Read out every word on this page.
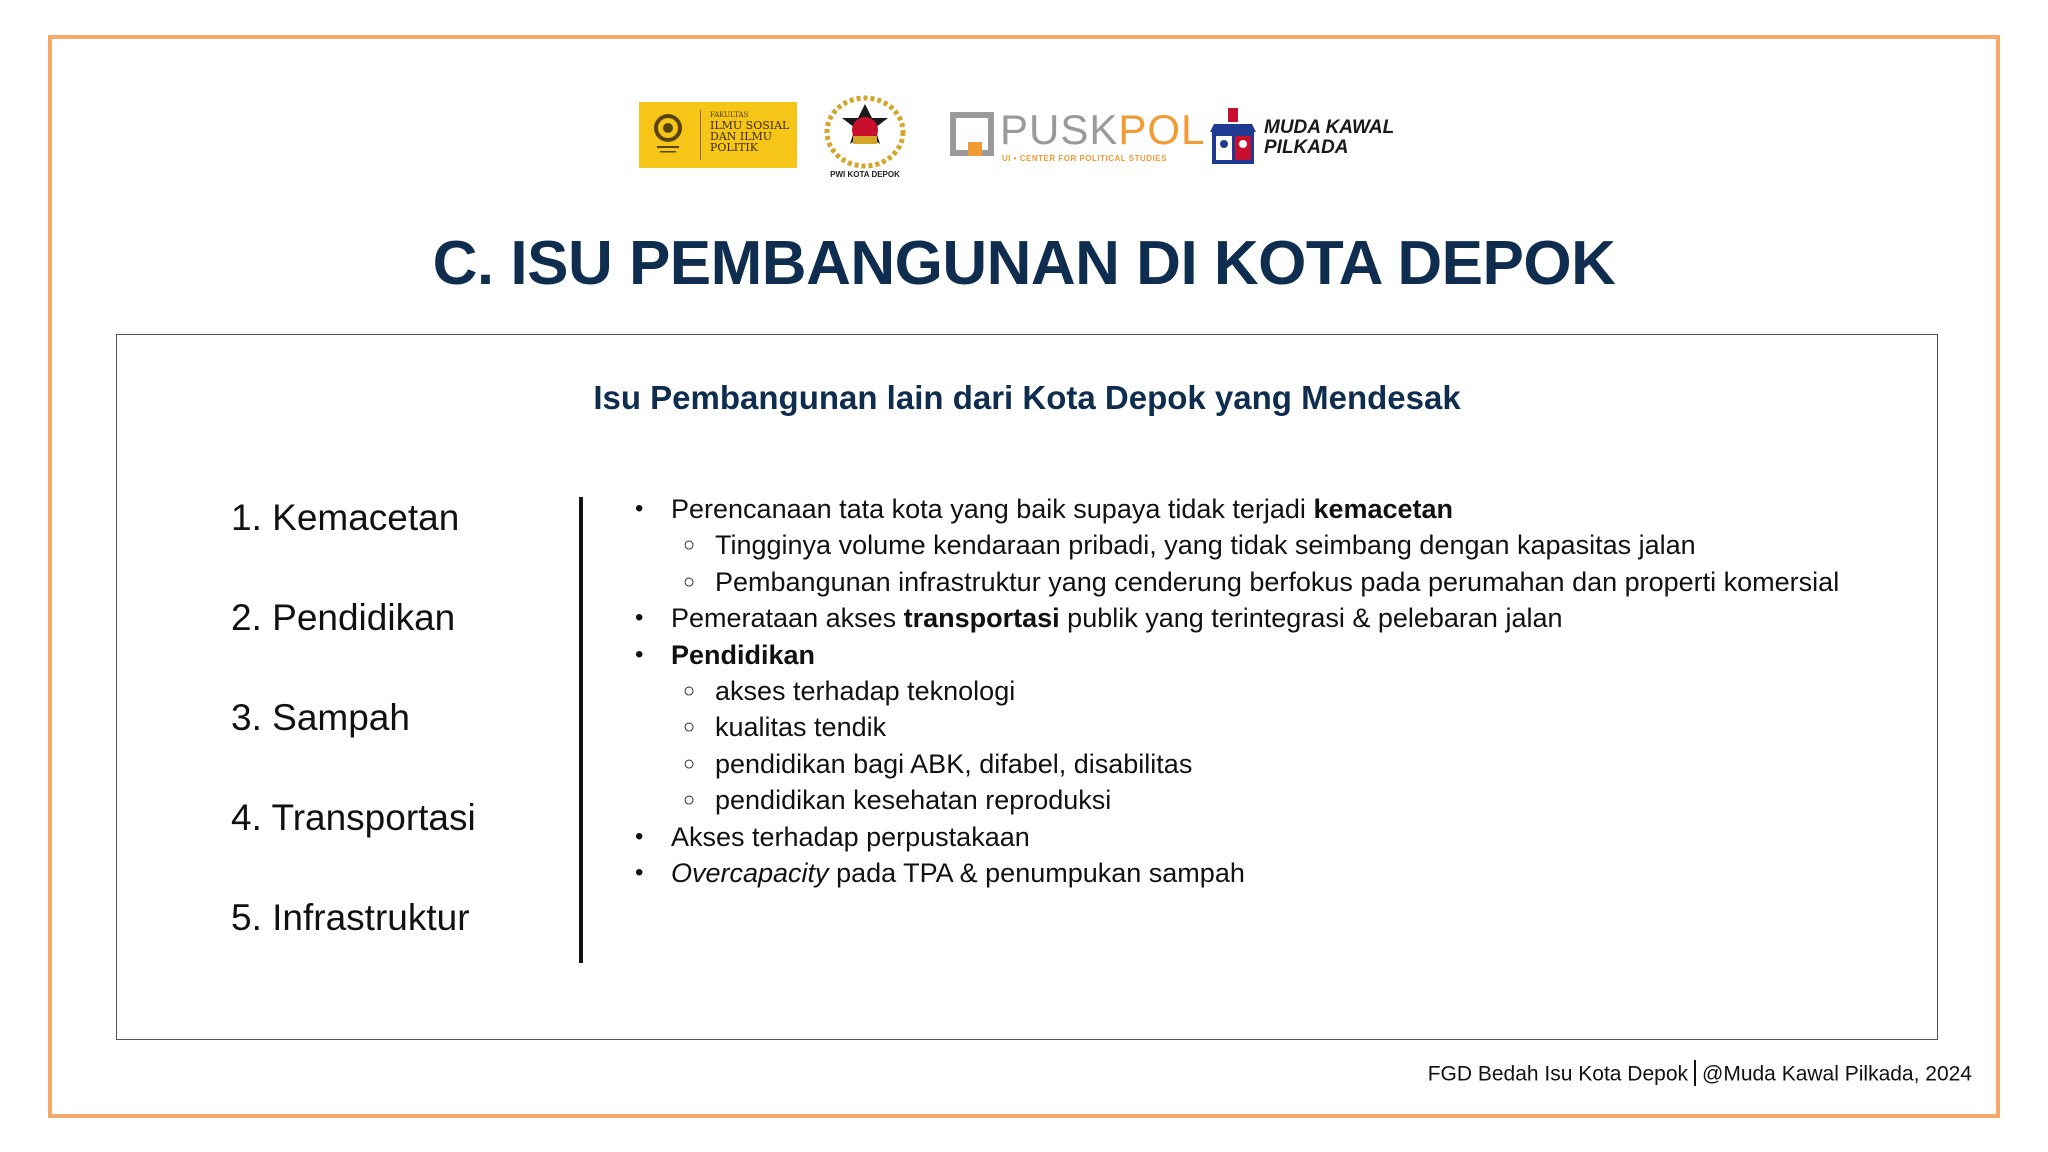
FAKULTAS
ILMU SOSIAL DAN ILMU POLITIK
PWI KOTA DEPOK
PUSKPOL
UI • CENTER FOR POLITICAL STUDIES
MUDA KAWAL
PILKADA
C. ISU PEMBANGUNAN DI KOTA DEPOK
Isu Pembangunan lain dari Kota Depok yang Mendesak
1. Kemacetan
2. Pendidikan
3. Sampah
4. Transportasi
5. Infrastruktur
• Perencanaan tata kota yang baik supaya tidak terjadi kemacetan
○ Tingginya volume kendaraan pribadi, yang tidak seimbang dengan kapasitas jalan
○ Pembangunan infrastruktur yang cenderung berfokus pada perumahan dan properti komersial
• Pemerataan akses transportasi publik yang terintegrasi & pelebaran jalan
• Pendidikan
○ akses terhadap teknologi
○ kualitas tendik
○ pendidikan bagi ABK, difabel, disabilitas
○ pendidikan kesehatan reproduksi
• Akses terhadap perpustakaan
• Overcapacity pada TPA & penumpukan sampah
FGD Bedah Isu Kota Depok @Muda Kawal Pilkada, 2024
